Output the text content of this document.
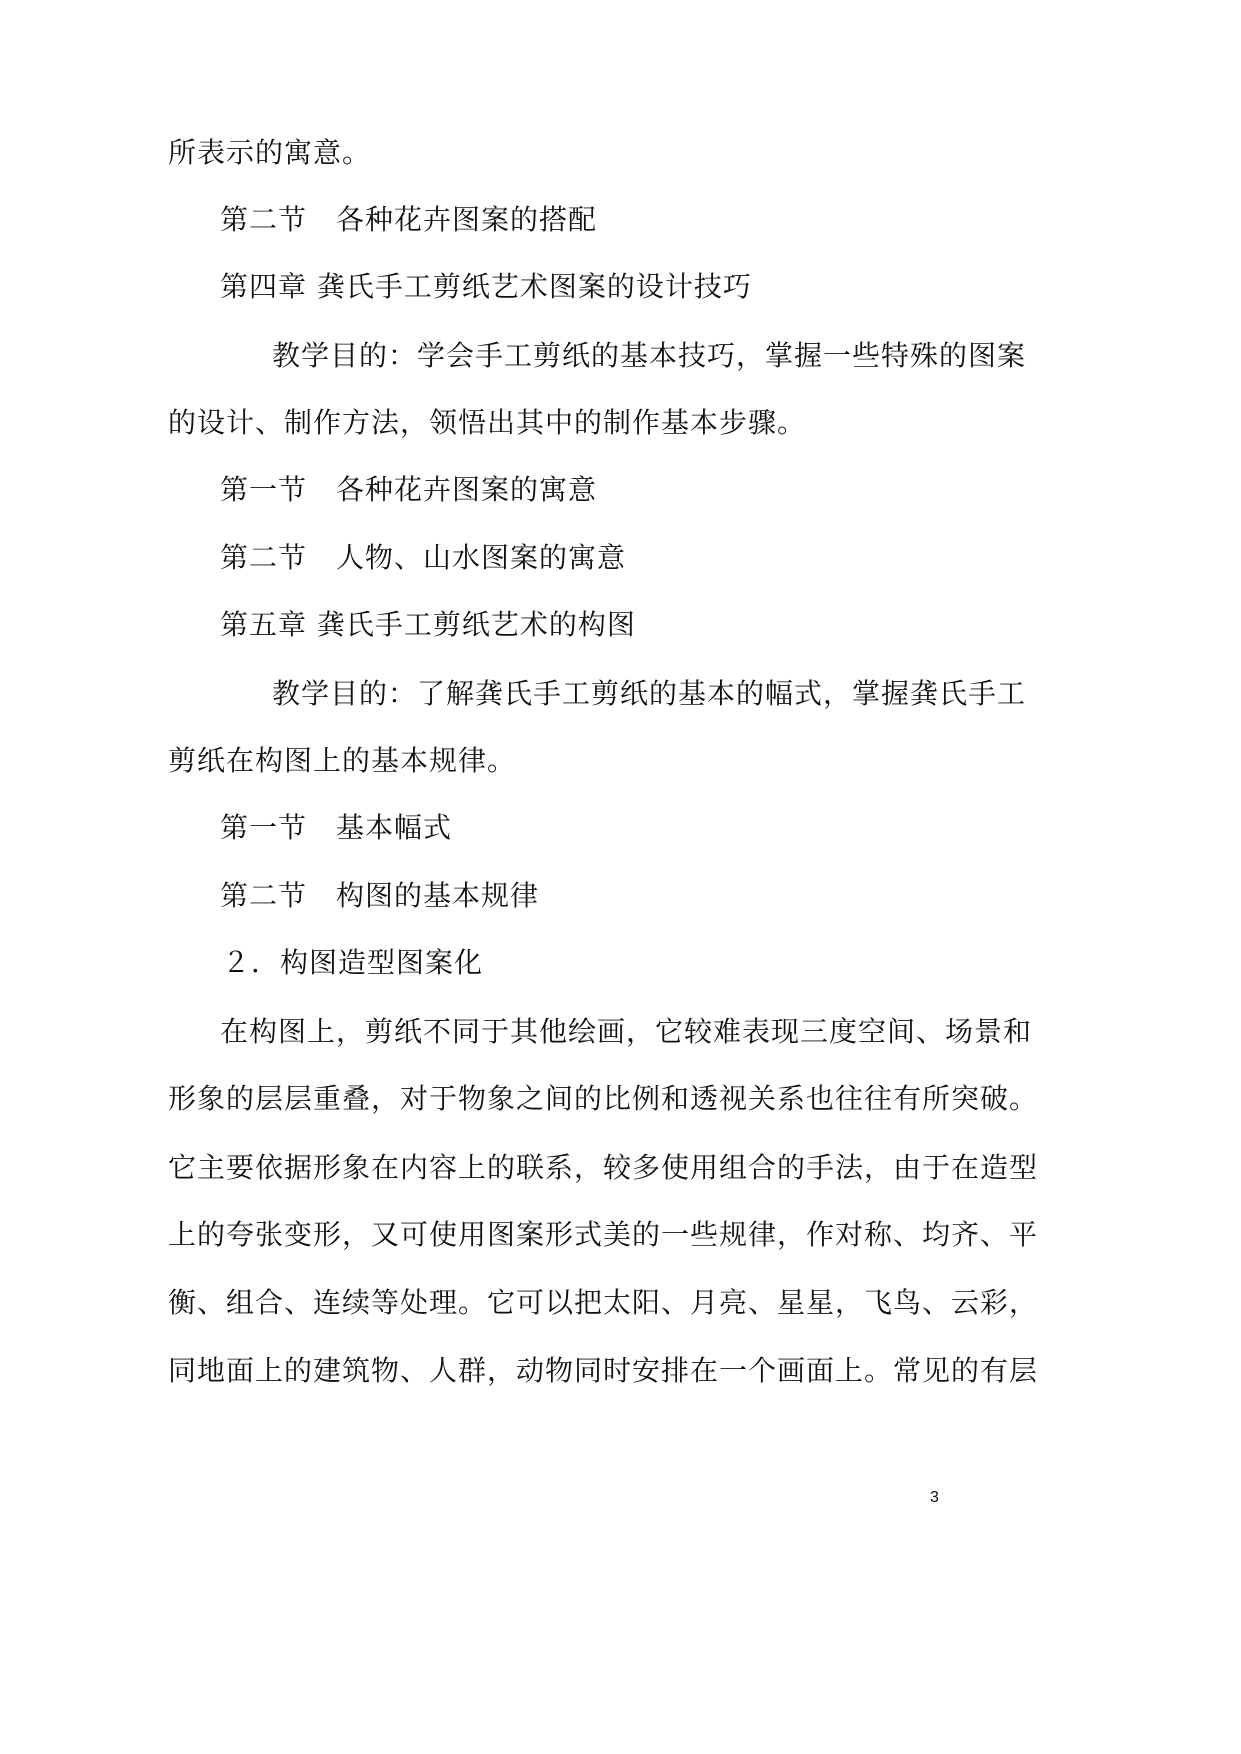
所表示的寓意。
第二节　各种花卉图案的搭配
第四章 龚氏手工剪纸艺术图案的设计技巧
教学目的：学会手工剪纸的基本技巧，掌握一些特殊的图案
的设计、制作方法，领悟出其中的制作基本步骤。
第一节　各种花卉图案的寓意
第二节　人物、山水图案的寓意
第五章 龚氏手工剪纸艺术的构图
教学目的：了解龚氏手工剪纸的基本的幅式，掌握龚氏手工
剪纸在构图上的基本规律。
第一节　基本幅式
第二节　构图的基本规律
２．构图造型图案化
在构图上，剪纸不同于其他绘画，它较难表现三度空间、场景和
形象的层层重叠，对于物象之间的比例和透视关系也往往有所突破。
它主要依据形象在内容上的联系，较多使用组合的手法，由于在造型
上的夸张变形，又可使用图案形式美的一些规律，作对称、均齐、平
衡、组合、连续等处理。它可以把太阳、月亮、星星，飞鸟、云彩，
同地面上的建筑物、人群，动物同时安排在一个画面上。常见的有层
3
